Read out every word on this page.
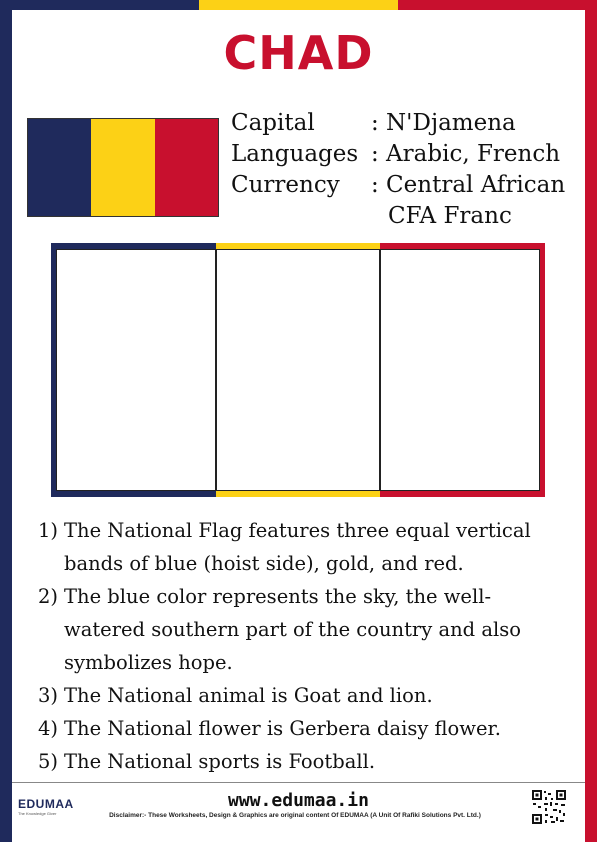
CHAD
Capital	: N'Djamena
Languages : Arabic, French
Currency	: Central African
CFA Franc
1) The National Flag features three equal vertical bands of blue (hoist side), gold, and red.
2) The blue color represents the sky, the well-watered southern part of the country and also symbolizes hope.
3) The National animal is Goat and lion.
4) The National flower is Gerbera daisy flower.
5) The National sports is Football.
EDUMAA
The Knowledge Giver
www.edumaa.in
Disclaimer:- These Worksheets, Design & Graphics are original content Of EDUMAA (A Unit Of Rafiki Solutions Pvt. Ltd.)
